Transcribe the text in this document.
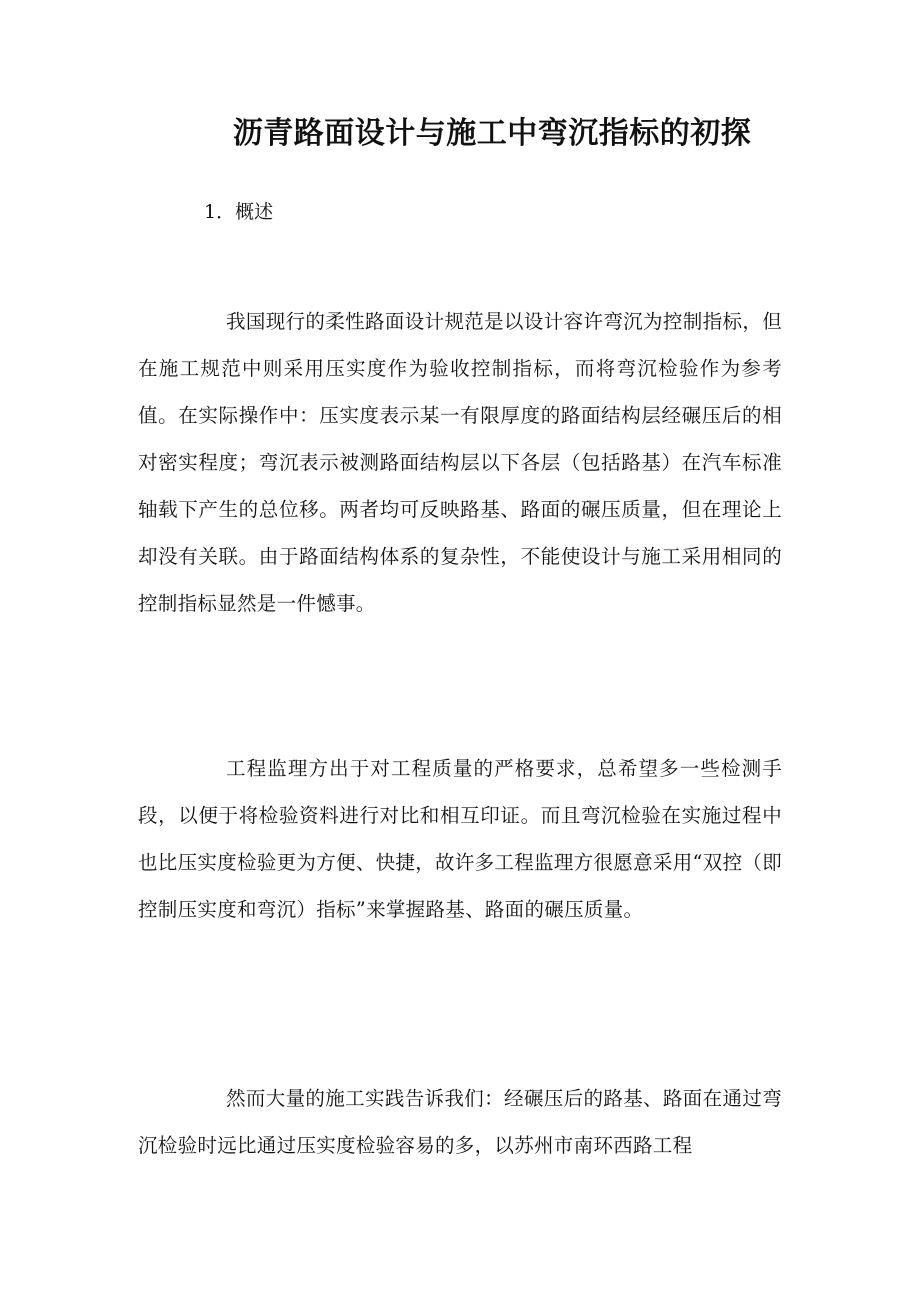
沥青路面设计与施工中弯沉指标的初探
1．概述

我国现行的柔性路面设计规范是以设计容许弯沉为控制指标，但在施工规范中则采用压实度作为验收控制指标，而将弯沉检验作为参考值。在实际操作中：压实度表示某一有限厚度的路面结构层经碾压后的相对密实程度；弯沉表示被测路面结构层以下各层（包括路基）在汽车标准轴载下产生的总位移。两者均可反映路基、路面的碾压质量，但在理论上却没有关联。由于路面结构体系的复杂性，不能使设计与施工采用相同的控制指标显然是一件憾事。

工程监理方出于对工程质量的严格要求，总希望多一些检测手段，以便于将检验资料进行对比和相互印证。而且弯沉检验在实施过程中也比压实度检验更为方便、快捷，故许多工程监理方很愿意采用“双控（即控制压实度和弯沉）指标”来掌握路基、路面的碾压质量。

然而大量的施工实践告诉我们：经碾压后的路基、路面在通过弯沉检验时远比通过压实度检验容易的多，以苏州市南环西路工程
